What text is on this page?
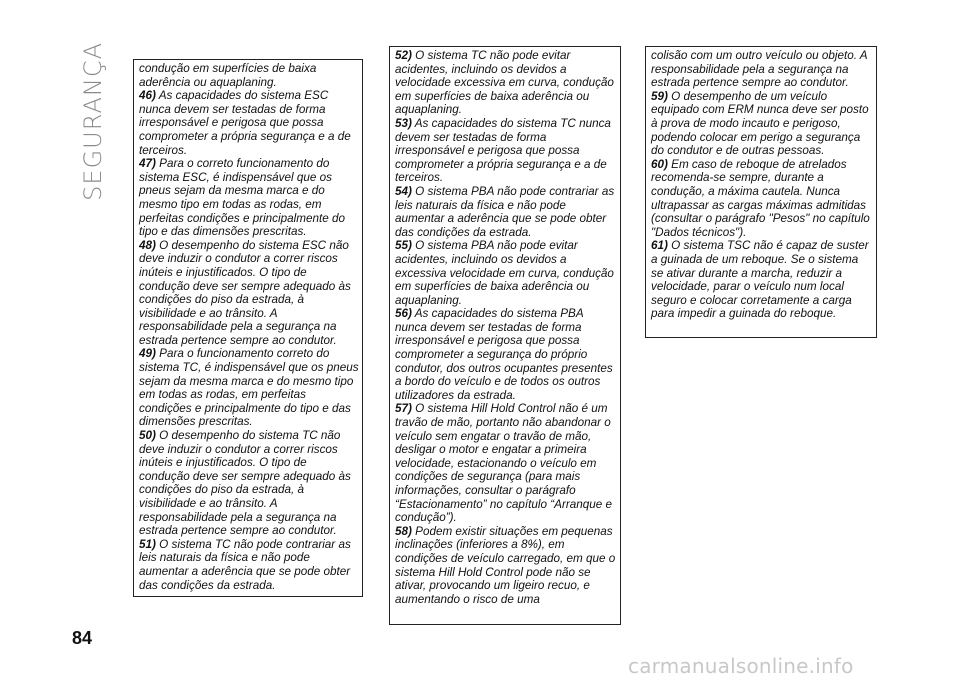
SEGURANÇA	condução em superfícies de baixa aderência ou aquaplaning.

46) As capacidades do sistema ESC nunca devem ser testadas de forma irresponsável e perigosa que possa comprometer a própria segurança e a de terceiros.

47) Para o correto funcionamento do sistema ESC, é indispensável que os pneus sejam da mesma marca e do mesmo tipo em todas as rodas, em perfeitas condições e principalmente do tipo e das dimensões prescritas.

48) O desempenho do sistema ESC não deve induzir o condutor a correr riscos inúteis e injustificados. O tipo de condução deve ser sempre adequado às condições do piso da estrada, à visibilidade e ao trânsito. A responsabilidade pela a segurança na estrada pertence sempre ao condutor.

49) Para o funcionamento correto do sistema TC, é indispensável que os pneus sejam da mesma marca e do mesmo tipo em todas as rodas, em perfeitas condições e principalmente do tipo e das dimensões prescritas.

50) O desempenho do sistema TC não deve induzir o condutor a correr riscos inúteis e injustificados. O tipo de condução deve ser sempre adequado às condições do piso da estrada, à visibilidade e ao trânsito. A responsabilidade pela a segurança na estrada pertence sempre ao condutor.

51) O sistema TC não pode contrariar as leis naturais da física e não pode aumentar a aderência que se pode obter das condições da estrada.

52) O sistema TC não pode evitar acidentes, incluindo os devidos a velocidade excessiva em curva, condução em superfícies de baixa aderência ou aquaplaning.

53) As capacidades do sistema TC nunca devem ser testadas de forma irresponsável e perigosa que possa comprometer a própria segurança e a de terceiros.

54) O sistema PBA não pode contrariar as leis naturais da física e não pode aumentar a aderência que se pode obter das condições da estrada.

55) O sistema PBA não pode evitar acidentes, incluindo os devidos a excessiva velocidade em curva, condução em superfícies de baixa aderência ou aquaplaning.

56) As capacidades do sistema PBA nunca devem ser testadas de forma irresponsável e perigosa que possa comprometer a segurança do próprio condutor, dos outros ocupantes presentes a bordo do veículo e de todos os outros utilizadores da estrada.

57) O sistema Hill Hold Control não é um travão de mão, portanto não abandonar o veículo sem engatar o travão de mão, desligar o motor e engatar a primeira velocidade, estacionando o veículo em condições de segurança (para mais informações, consultar o parágrafo “Estacionamento” no capítulo “Arranque e condução”).

58) Podem existir situações em pequenas inclinações (inferiores a 8%), em condições de veículo carregado, em que o sistema Hill Hold Control pode não se ativar, provocando um ligeiro recuo, e aumentando o risco de uma

colisão com um outro veículo ou objeto. A responsabilidade pela a segurança na estrada pertence sempre ao condutor.

59) O desempenho de um veículo equipado com ERM nunca deve ser posto à prova de modo incauto e perigoso, podendo colocar em perigo a segurança do condutor e de outras pessoas.

60) Em caso de reboque de atrelados recomenda-se sempre, durante a condução, a máxima cautela. Nunca ultrapassar as cargas máximas admitidas (consultar o parágrafo "Pesos" no capítulo "Dados técnicos").

61) O sistema TSC não é capaz de suster a guinada de um reboque. Se o sistema se ativar durante a marcha, reduzir a velocidade, parar o veículo num local seguro e colocar corretamente a carga para impedir a guinada do reboque.

84
carmanualsonline.info
